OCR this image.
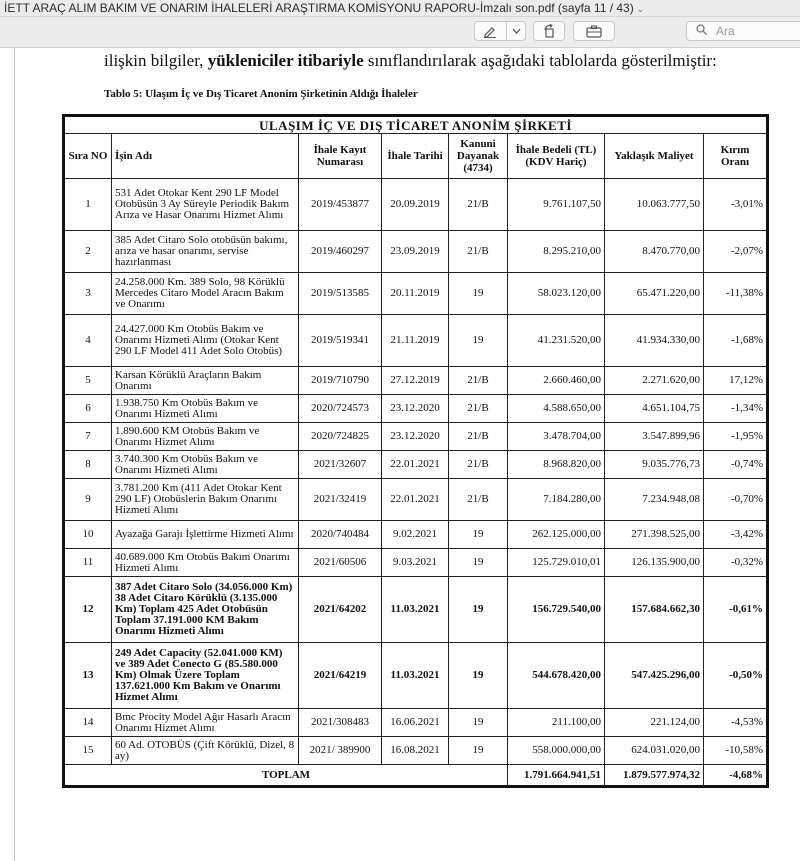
İETT ARAÇ ALIM BAKIM VE ONARIM İHALELERİ ARAŞTIRMA KOMİSYONU RAPORU-İmzalı son.pdf (sayfa 11 / 43) ⌄
Ara
ilişkin bilgiler, yükleniciler itibariyle sınıflandırılarak aşağıdaki tablolarda gösterilmiştir:
Tablo 5: Ulaşım İç ve Dış Ticaret Anonim Şirketinin Aldığı İhaleler
ULAŞIM İÇ VE DIŞ TİCARET ANONİM ŞİRKETİ							
Sıra NO	İşin Adı	İhale Kayıt Numarası	İhale Tarihi	Kanuni Dayanak (4734)	İhale Bedeli (TL) (KDV Hariç)	Yaklaşık Maliyet	Kırım Oranı
1	531 Adet Otokar Kent 290 LF Model Otobüsün 3 Ay Süreyle Periodik Bakım Arıza ve Hasar Onarımı Hizmet Alımı	2019/453877	20.09.2019	21/B	9.761.107,50	10.063.777,50	-3,01%
2	385 Adet Citaro Solo otobüsün bakımı, arıza ve hasar onarımı, servise hazırlanması	2019/460297	23.09.2019	21/B	8.295.210,00	8.470.770,00	-2,07%
3	24.258.000 Km. 389 Solo, 98 Körüklü Mercedes Citaro Model Aracın Bakım ve Onarımı	2019/513585	20.11.2019	19	58.023.120,00	65.471.220,00	-11,38%
4	24.427.000 Km Otobüs Bakım ve Onarımı Hizmeti Alımı (Otokar Kent 290 LF Model 411 Adet Solo Otobüs)	2019/519341	21.11.2019	19	41.231.520,00	41.934.330,00	-1,68%
5	Karsan Körüklü Araçların Bakım Onarımı	2019/710790	27.12.2019	21/B	2.660.460,00	2.271.620,00	17,12%
6	1.938.750 Km Otobüs Bakım ve Onarımı Hizmeti Alımı	2020/724573	23.12.2020	21/B	4.588.650,00	4.651.104,75	-1,34%
7	1.890.600 KM Otobüs Bakım ve Onarımı Hizmet Alımı	2020/724825	23.12.2020	21/B	3.478.704,00	3.547.899,96	-1,95%
8	3.740.300 Km Otobüs Bakım ve Onarımı Hizmeti Alımı	2021/32607	22.01.2021	21/B	8.968.820,00	9.035.776,73	-0,74%
9	3.781.200 Km (411 Adet Otokar Kent 290 LF) Otobüslerin Bakım Onarımı Hizmeti Alımı	2021/32419	22.01.2021	21/B	7.184.280,00	7.234.948,08	-0,70%
10	Ayazağa Garajı İşlettirme Hizmeti Alımı	2020/740484	9.02.2021	19	262.125.000,00	271.398.525,00	-3,42%
11	40.689.000 Km Otobüs Bakım Onarımı Hizmeti Alımı	2021/60506	9.03.2021	19	125.729.010,01	126.135.900,00	-0,32%
12	387 Adet Citaro Solo (34.056.000 Km) 38 Adet Citaro Körüklü (3.135.000 Km) Toplam 425 Adet Otobüsün Toplam 37.191.000 KM Bakım Onarımı Hizmeti Alımı	2021/64202	11.03.2021	19	156.729.540,00	157.684.662,30	-0,61%
13	249 Adet Capacity (52.041.000 KM) ve 389 Adet Conecto G (85.580.000 Km) Olmak Üzere Toplam 137.621.000 Km Bakım ve Onarımı Hizmet Alımı	2021/64219	11.03.2021	19	544.678.420,00	547.425.296,00	-0,50%
14	Bmc Procity Model Ağır Hasarlı Aracın Onarımı Hizmet Alımı	2021/308483	16.06.2021	19	211.100,00	221.124,00	-4,53%
15	60 Ad. OTOBÜS (Çift Körüklü, Dizel, 8 ay)	2021/ 389900	16.08.2021	19	558.000.000,00	624.031.020,00	-10,58%
TOPLAM					1.791.664.941,51	1.879.577.974,32	-4,68%
